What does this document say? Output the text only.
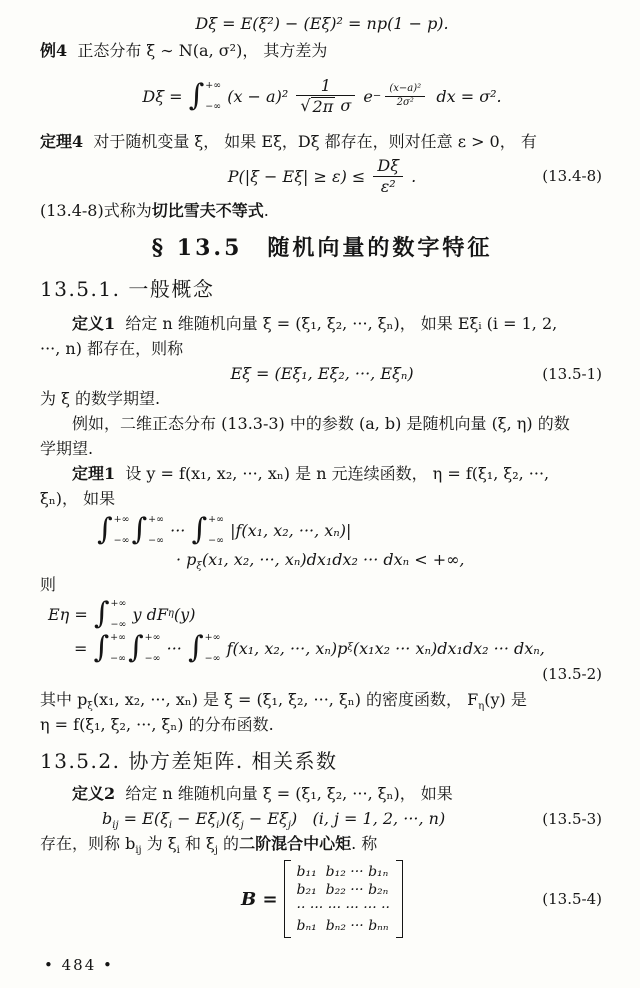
Dξ = E(ξ²) − (Eξ)² = np(1 − p).
例4  正态分布 ξ ∼ N(a, σ²)， 其方差为
Dξ = ∫ +∞
−∞
$(x - a)^2 \frac{1}{\text{√ 2π σ}}$ $e - \frac{\text{(x−a)²}}{\text{2σ²}}$ dx = σ².
定理4  对于随机变量 ξ， 如果 Eξ，Dξ 都存在，则对任意 ε > 0， 有
$P(|\xi - E\xi| \ge \varepsilon) \le \frac{D\xi}{\text{ε²}}$ .	(13.4-8)
(13.4-8)式称为切比雪夫不等式.
§ 13.5　随机向量的数字特征
13.5.1. 一般概念
定义1  给定 n 维随机向量 ξ = (ξ₁, ξ₂, ···, ξₙ)， 如果 Eξᵢ (i = 1, 2,
···, n) 都存在，则称
Eξ = (Eξ₁, Eξ₂, ···, Eξₙ)	(13.5-1)
为 ξ 的数学期望.
例如，二维正态分布 (13.3-3) 中的参数 (a, b) 是随机向量 (ξ, η) 的数
学期望.
定理1  设 y = f(x₁, x₂, ···, xₙ) 是 n 元连续函数， η = f(ξ₁, ξ₂, ···,
ξₙ)， 如果
∫ +∞
−∞ ∫ +∞
−∞
··· ∫ +∞
−∞
|f(x₁, x₂, ···, xₙ)|
· $p_\xi(x_1$, x₂, ···, xₙ)dx₁dx₂ ··· dxₙ < +∞,
则
Eη = ∫ +∞
−∞
y dF η (y)
= ∫ +∞
−∞ ∫ +∞
−∞
··· ∫ +∞
−∞
f(x₁, x₂, ···, xₙ)p ξ (x₁x₂ ··· xₙ)dx₁dx₂ ··· dxₙ,
(13.5-2)
其中 $p_\xi(x_1$, x₂, ···, xₙ) 是 ξ = (ξ₁, ξ₂, ···, ξₙ) 的密度函数， $F_\eta(y)$ 是
η = f(ξ₁, ξ₂, ···, ξₙ) 的分布函数.
13.5.2. 协方差矩阵. 相关系数
定义2  给定 n 维随机向量 ξ = (ξ₁, ξ₂, ···, ξₙ)， 如果
$b_{ij} = E(\xi_i - E\xi_i)(\xi_j - E\xi_j)$   (i, j = 1, 2, ···, n)	(13.5-3)
存在，则称 $b_{ij}$ 为 $\xi_i$ 和 $\xi_j$ 的二阶混合中心矩. 称
B =
b₁₁  b₁₂ ··· b₁ₙ
b₂₁  b₂₂ ··· b₂ₙ
·· ··· ··· ··· ··· ··
bₙ₁  bₙ₂ ··· bₙₙ
(13.5-4)
• 484 •
